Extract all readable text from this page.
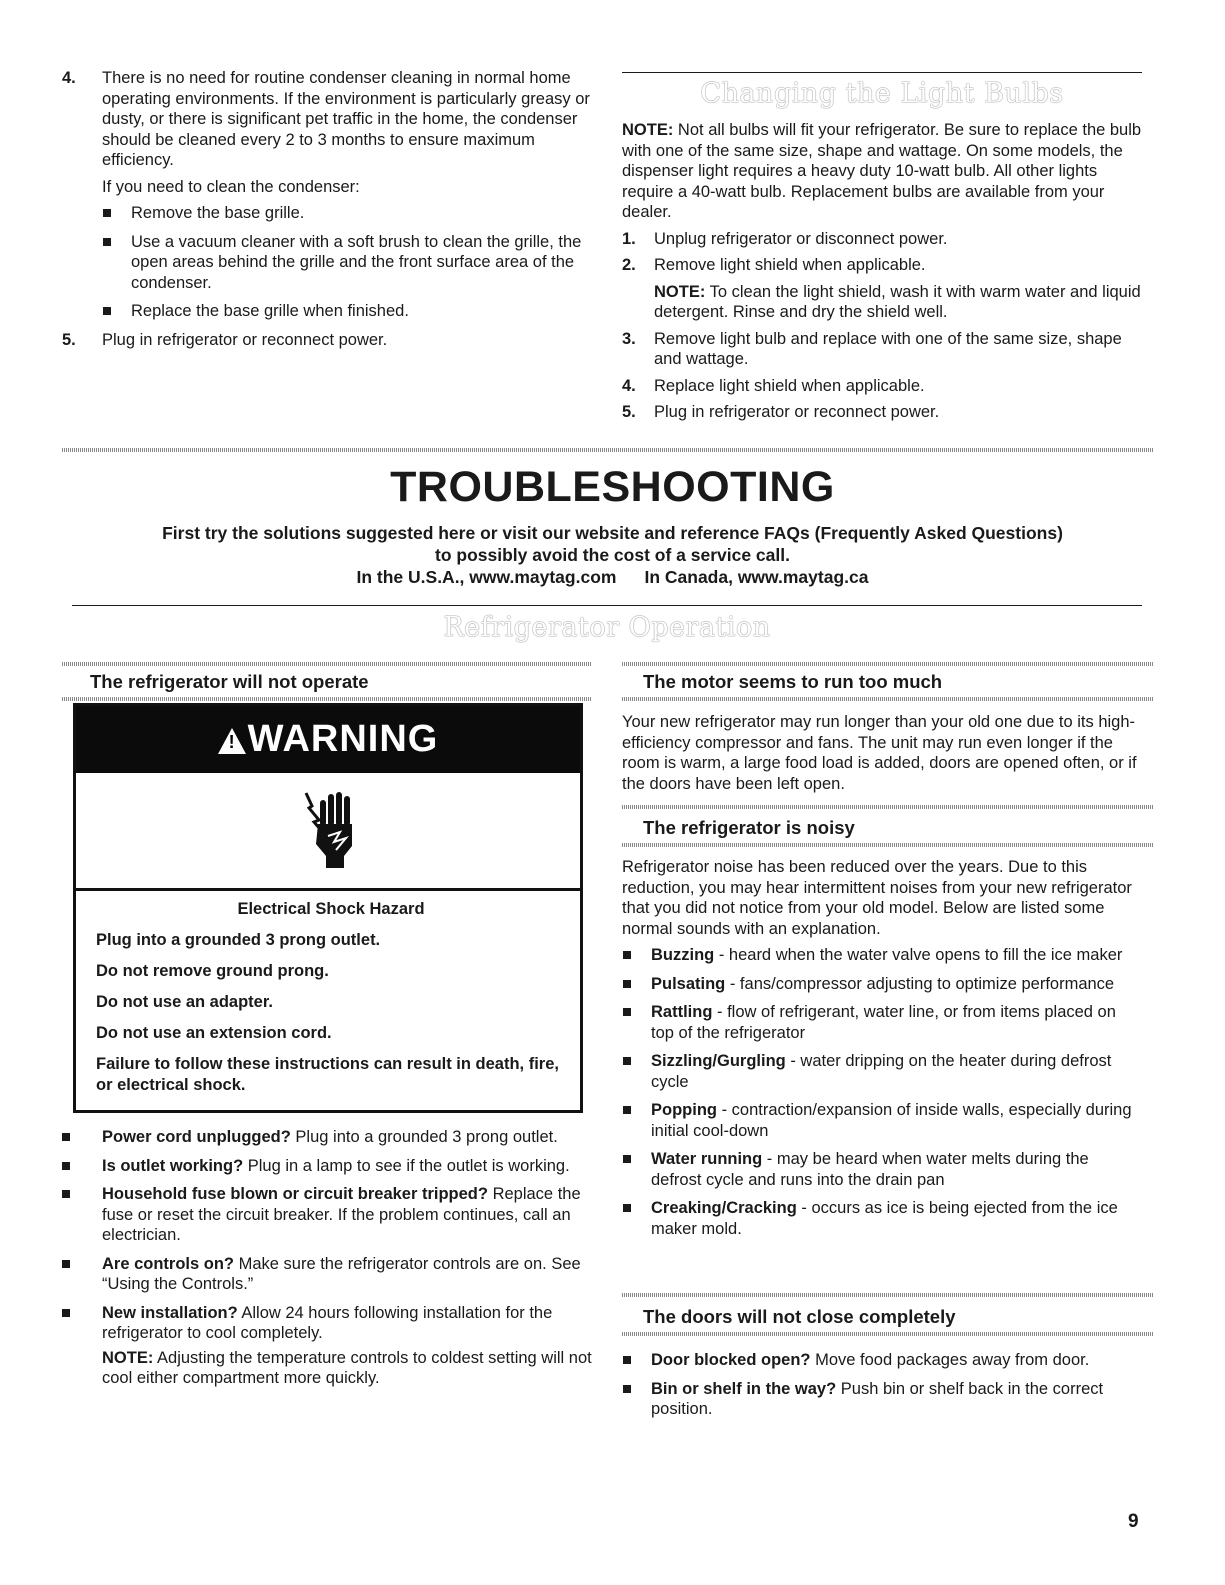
4. There is no need for routine condenser cleaning in normal home operating environments. If the environment is particularly greasy or dusty, or there is significant pet traffic in the home, the condenser should be cleaned every 2 to 3 months to ensure maximum efficiency.
If you need to clean the condenser:
Remove the base grille.
Use a vacuum cleaner with a soft brush to clean the grille, the open areas behind the grille and the front surface area of the condenser.
Replace the base grille when finished.
5. Plug in refrigerator or reconnect power.
Changing the Light Bulbs
NOTE: Not all bulbs will fit your refrigerator. Be sure to replace the bulb with one of the same size, shape and wattage. On some models, the dispenser light requires a heavy duty 10-watt bulb. All other lights require a 40-watt bulb. Replacement bulbs are available from your dealer.
1. Unplug refrigerator or disconnect power.
2. Remove light shield when applicable.
NOTE: To clean the light shield, wash it with warm water and liquid detergent. Rinse and dry the shield well.
3. Remove light bulb and replace with one of the same size, shape and wattage.
4. Replace light shield when applicable.
5. Plug in refrigerator or reconnect power.
TROUBLESHOOTING
First try the solutions suggested here or visit our website and reference FAQs (Frequently Asked Questions)
to possibly avoid the cost of a service call.
In the U.S.A., www.maytag.com In Canada, www.maytag.ca
Refrigerator Operation
The refrigerator will not operate
!WARNING
Electrical Shock Hazard
Plug into a grounded 3 prong outlet.
Do not remove ground prong.
Do not use an adapter.
Do not use an extension cord.
Failure to follow these instructions can result in death, fire, or electrical shock.
Power cord unplugged? Plug into a grounded 3 prong outlet.
Is outlet working? Plug in a lamp to see if the outlet is working.
Household fuse blown or circuit breaker tripped? Replace the fuse or reset the circuit breaker. If the problem continues, call an electrician.
Are controls on? Make sure the refrigerator controls are on. See “Using the Controls.”
New installation? Allow 24 hours following installation for the refrigerator to cool completely.
NOTE: Adjusting the temperature controls to coldest setting will not cool either compartment more quickly.
The motor seems to run too much
Your new refrigerator may run longer than your old one due to its high-efficiency compressor and fans. The unit may run even longer if the room is warm, a large food load is added, doors are opened often, or if the doors have been left open.
The refrigerator is noisy
Refrigerator noise has been reduced over the years. Due to this reduction, you may hear intermittent noises from your new refrigerator that you did not notice from your old model. Below are listed some normal sounds with an explanation.
Buzzing - heard when the water valve opens to fill the ice maker
Pulsating - fans/compressor adjusting to optimize performance
Rattling - flow of refrigerant, water line, or from items placed on top of the refrigerator
Sizzling/Gurgling - water dripping on the heater during defrost cycle
Popping - contraction/expansion of inside walls, especially during initial cool-down
Water running - may be heard when water melts during the defrost cycle and runs into the drain pan
Creaking/Cracking - occurs as ice is being ejected from the ice maker mold.
The doors will not close completely
Door blocked open? Move food packages away from door.
Bin or shelf in the way? Push bin or shelf back in the correct position.
9
